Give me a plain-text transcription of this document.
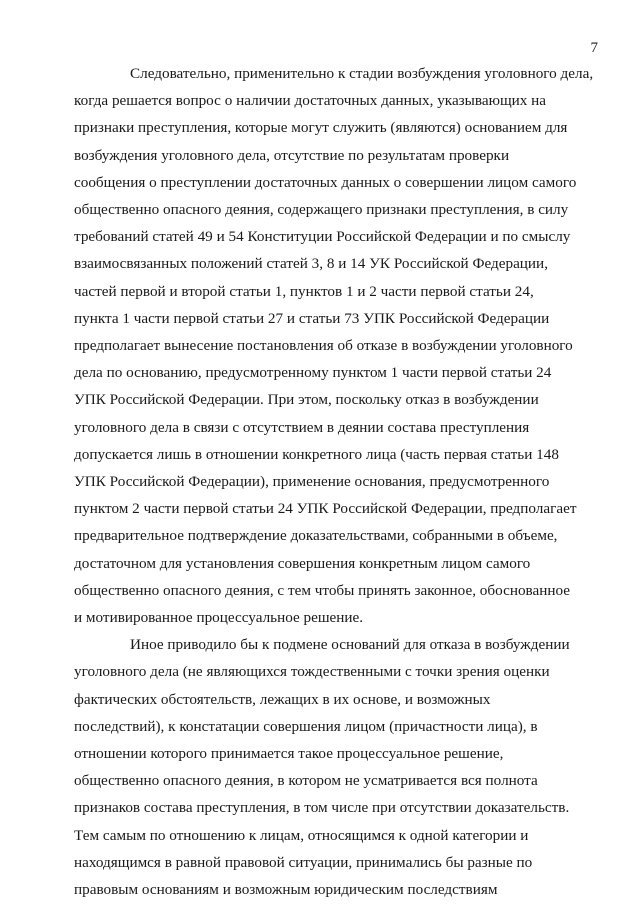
7

Следовательно, применительно к стадии возбуждения уголовного дела,
когда решается вопрос о наличии достаточных данных, указывающих на
признаки преступления, которые могут служить (являются) основанием для
возбуждения уголовного дела, отсутствие по результатам проверки
сообщения о преступлении достаточных данных о совершении лицом самого
общественно опасного деяния, содержащего признаки преступления, в силу
требований статей 49 и 54 Конституции Российской Федерации и по смыслу
взаимосвязанных положений статей 3, 8 и 14 УК Российской Федерации,
частей первой и второй статьи 1, пунктов 1 и 2 части первой статьи 24,
пункта 1 части первой статьи 27 и статьи 73 УПК Российской Федерации
предполагает вынесение постановления об отказе в возбуждении уголовного
дела по основанию, предусмотренному пунктом 1 части первой статьи 24
УПК Российской Федерации. При этом, поскольку отказ в возбуждении
уголовного дела в связи с отсутствием в деянии состава преступления
допускается лишь в отношении конкретного лица (часть первая статьи 148
УПК Российской Федерации), применение основания, предусмотренного
пунктом 2 части первой статьи 24 УПК Российской Федерации, предполагает
предварительное подтверждение доказательствами, собранными в объеме,
достаточном для установления совершения конкретным лицом самого
общественно опасного деяния, с тем чтобы принять законное, обоснованное
и мотивированное процессуальное решение.

Иное приводило бы к подмене оснований для отказа в возбуждении
уголовного дела (не являющихся тождественными с точки зрения оценки
фактических обстоятельств, лежащих в их основе, и возможных
последствий), к констатации совершения лицом (причастности лица), в
отношении которого принимается такое процессуальное решение,
общественно опасного деяния, в котором не усматривается вся полнота
признаков состава преступления, в том числе при отсутствии доказательств.
Тем самым по отношению к лицам, относящимся к одной категории и
находящимся в равной правовой ситуации, принимались бы разные по
правовым основаниям и возможным юридическим последствиям
